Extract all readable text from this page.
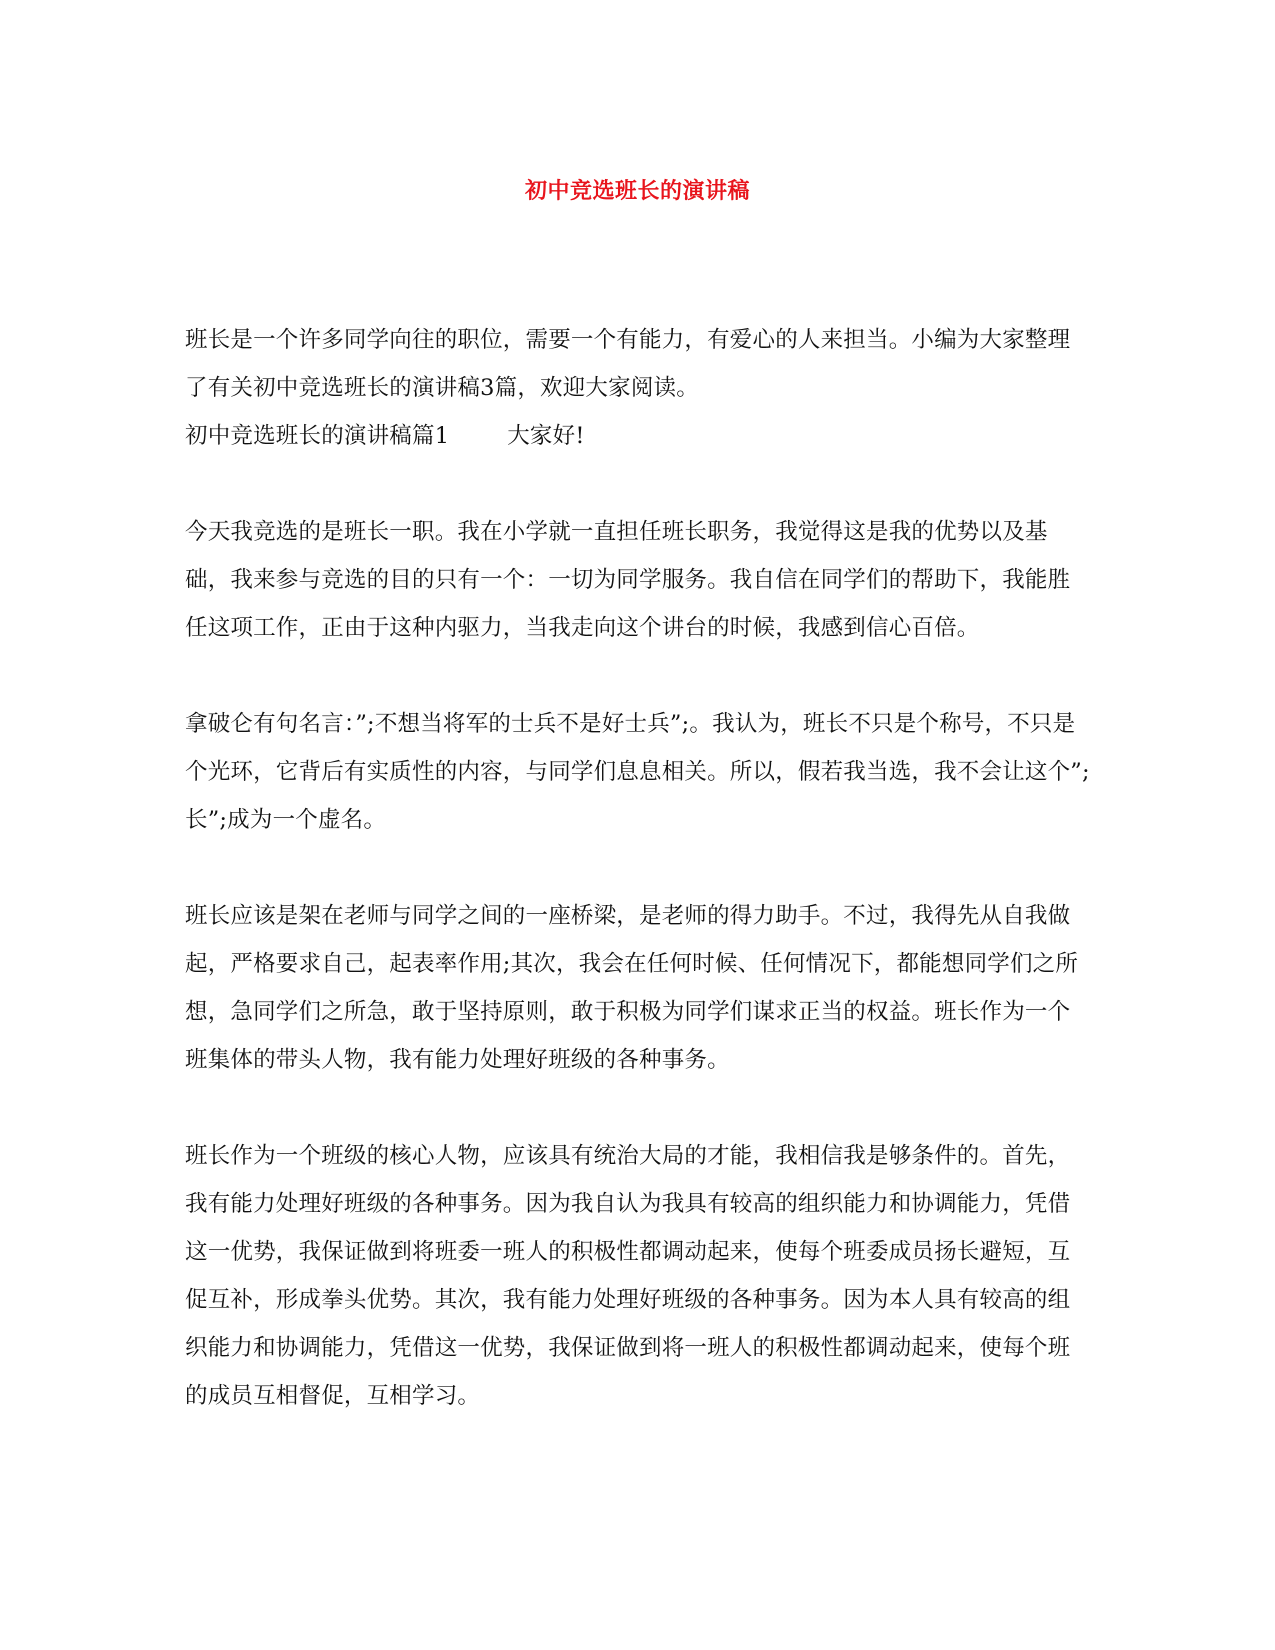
初中竞选班长的演讲稿

班长是一个许多同学向往的职位，需要一个有能力，有爱心的人来担当。小编为大家整理了有关初中竞选班长的演讲稿3篇，欢迎大家阅读。

初中竞选班长的演讲稿篇1	大家好!

今天我竞选的是班长一职。我在小学就一直担任班长职务，我觉得这是我的优势以及基础，我来参与竞选的目的只有一个：一切为同学服务。我自信在同学们的帮助下，我能胜任这项工作，正由于这种内驱力，当我走向这个讲台的时候，我感到信心百倍。

拿破仑有句名言：”;不想当将军的士兵不是好士兵”;。我认为，班长不只是个称号，不只是个光环，它背后有实质性的内容，与同学们息息相关。所以，假若我当选，我不会让这个”;长”;成为一个虚名。

班长应该是架在老师与同学之间的一座桥梁，是老师的得力助手。不过，我得先从自我做起，严格要求自己，起表率作用;其次，我会在任何时候、任何情况下，都能想同学们之所想，急同学们之所急，敢于坚持原则，敢于积极为同学们谋求正当的权益。班长作为一个班集体的带头人物，我有能力处理好班级的各种事务。

班长作为一个班级的核心人物，应该具有统治大局的才能，我相信我是够条件的。首先，我有能力处理好班级的各种事务。因为我自认为我具有较高的组织能力和协调能力，凭借这一优势，我保证做到将班委一班人的积极性都调动起来，使每个班委成员扬长避短，互促互补，形成拳头优势。其次，我有能力处理好班级的各种事务。因为本人具有较高的组织能力和协调能力，凭借这一优势，我保证做到将一班人的积极性都调动起来，使每个班的成员互相督促，互相学习。
